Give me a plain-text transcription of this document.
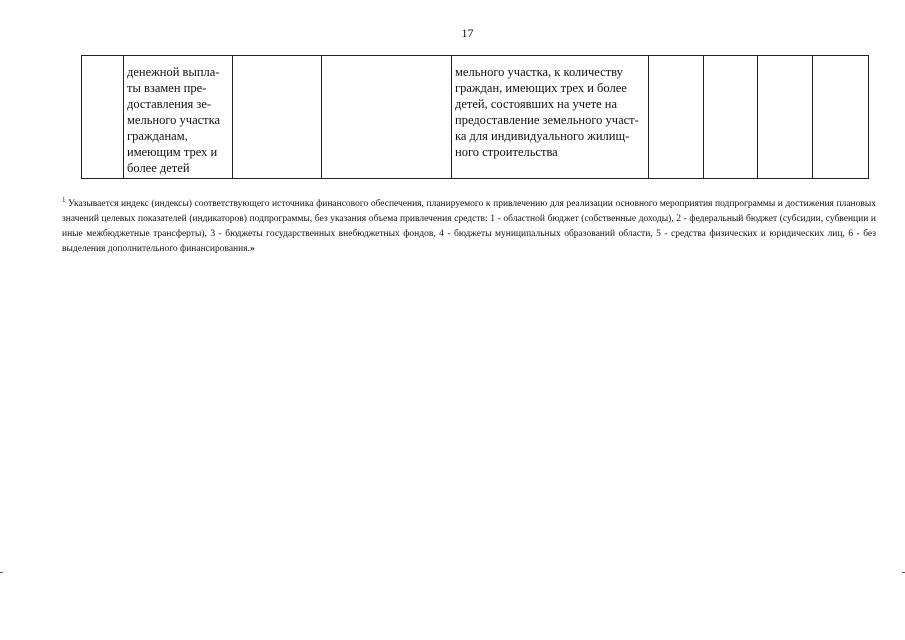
17
	денежной выпла-
ты взамен пре-
доставления зе-
мельного участка
гражданам,
имеющим трех и
более детей			мельного участка, к количеству
граждан, имеющих трех и более
детей, состоявших на учете на
предоставление земельного участ-
ка для индивидуального жилищ-
ного строительства				
$^1$ Указывается индекс (индексы) соответствующего источника финансового обеспечения, планируемого к привлечению для реализации основного мероприятия подпрограммы и достижения плановых значений целевых показателей (индикаторов) подпрограммы, без указания объема привлечения средств: 1 - областной бюджет (собственные доходы), 2 - федеральный бюджет (субсидии, субвенции и иные межбюджетные трансферты), 3 - бюджеты государственных внебюджетных фондов, 4 - бюджеты муниципальных образований области, 5 - средства физических и юридических лиц, 6 - без выделения дополнительного финансирования.»
